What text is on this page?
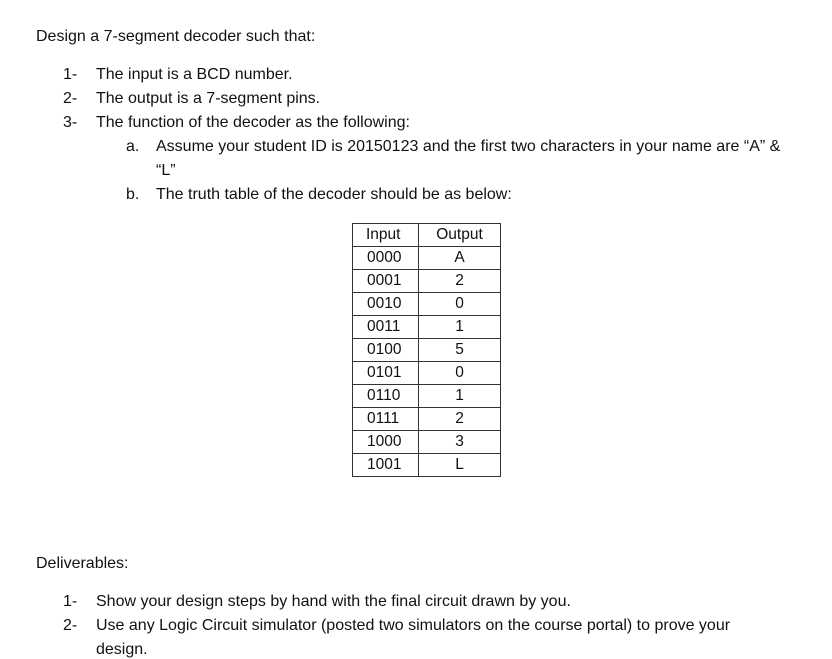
Design a 7-segment decoder such that:
1- The input is a BCD number.
2- The output is a 7-segment pins.
3- The function of the decoder as the following:
a. Assume your student ID is 20150123 and the first two characters in your name are “A” &
“L”
b. The truth table of the decoder should be as below:
Input	Output
0000	A
0001	2
0010	0
0011	1
0100	5
0101	0
0110	1
0111	2
1000	3
1001	L
Deliverables:
1- Show your design steps by hand with the final circuit drawn by you.
2- Use any Logic Circuit simulator (posted two simulators on the course portal) to prove your
design.
